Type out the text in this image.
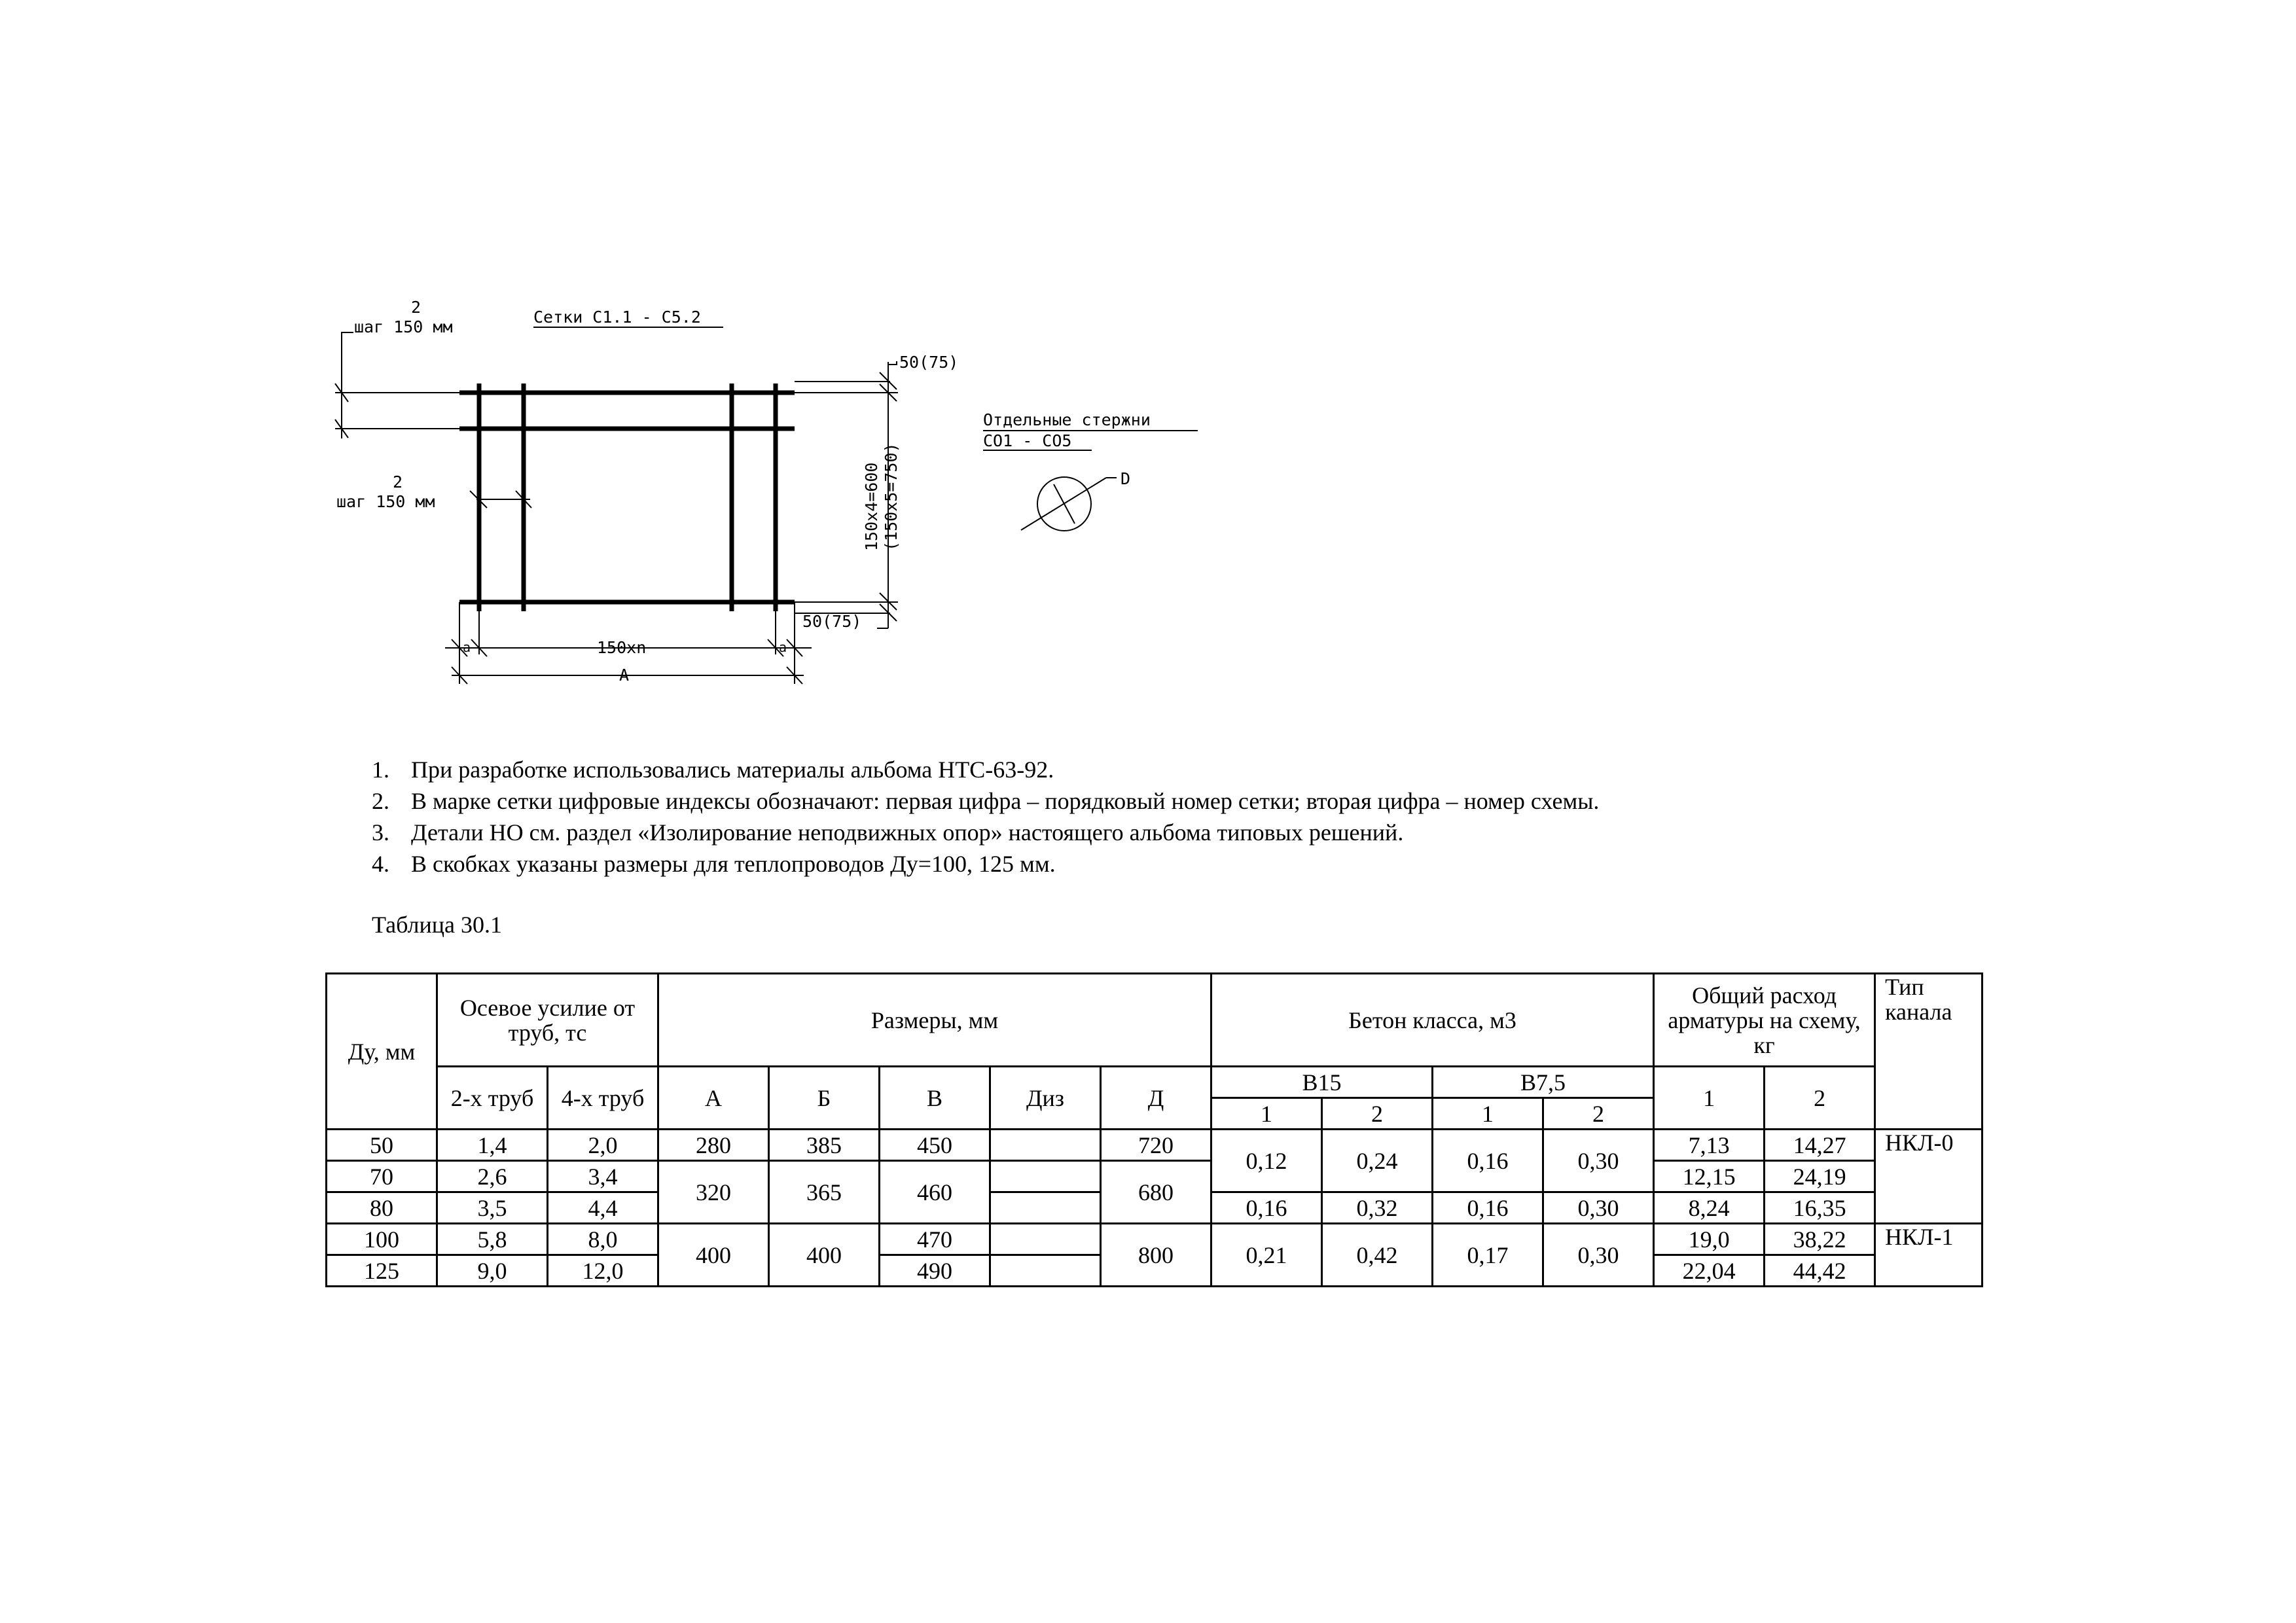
2
шаг 150 мм
Сетки С1.1 - С5.2
50(75)
2
шаг 150 мм
50(75)
a	a
150xn
A
Отдельные стержни
СО1 - СО5
D
150x4=600 (150x5=750)
1. При разработке использовались материалы альбома НТС-63-92.
2. В марке сетки цифровые индексы обозначают: первая цифра – порядковый номер сетки; вторая цифра – номер схемы.
3. Детали НО см. раздел «Изолирование неподвижных опор» настоящего альбома типовых решений.
4. В скобках указаны размеры для теплопроводов Ду=100, 125 мм.
Таблица 30.1
Ду, мм	Осевое усилие от труб, тс		Размеры, мм					Бетон класса, м3				Общий расход арматуры на схему, кг		Тип канала
	2-х труб	4-х труб	А	Б	В	Диз	Д	В15		В7,5		1	2	
								1	2	1	2			
50	1,4	2,0	280	385	450		720	0,12	0,24	0,16	0,30	7,13	14,27	НКЛ-0
70	2,6	3,4	320	365	460		680					12,15	24,19	
80	3,5	4,4						0,16	0,32	0,16	0,30	8,24	16,35	
100	5,8	8,0	400	400	470		800	0,21	0,42	0,17	0,30	19,0	38,22	НКЛ-1
125	9,0	12,0			490							22,04	44,42	
